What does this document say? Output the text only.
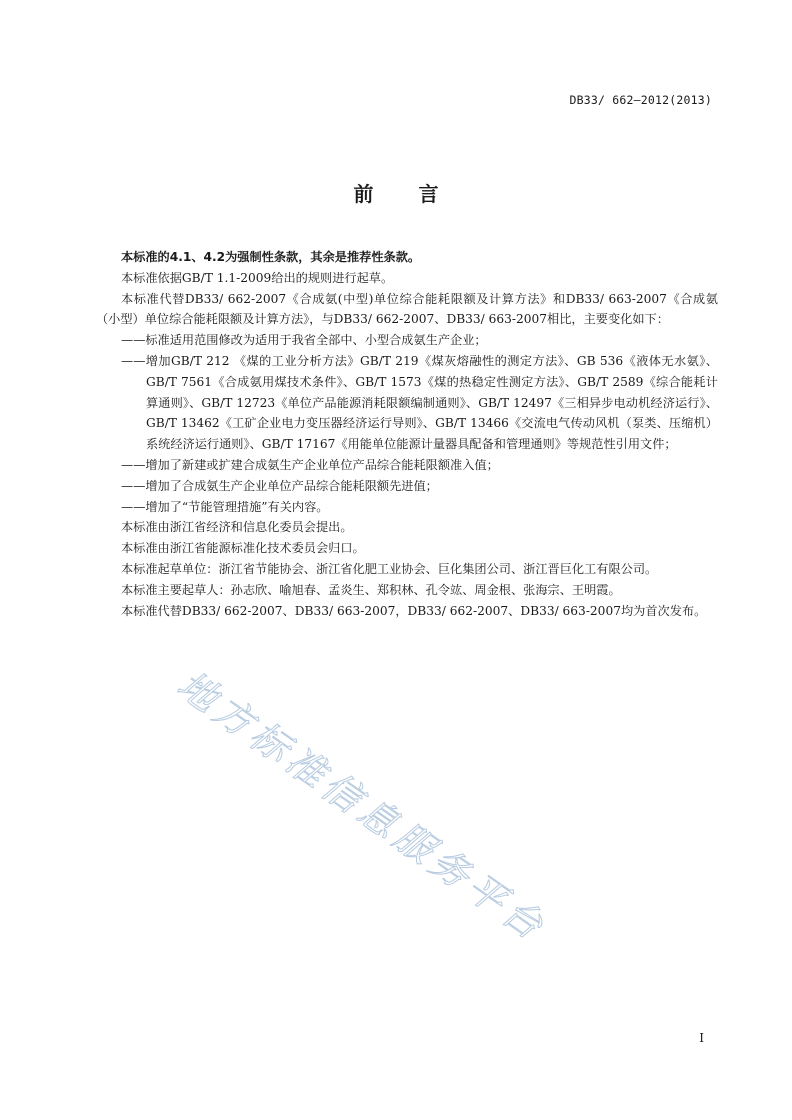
DB33/ 662—2012(2013)
前 言

本标准的4.1、4.2为强制性条款，其余是推荐性条款。

本标准依据GB/T 1.1-2009给出的规则进行起草。

本标准代替DB33/ 662-2007《合成氨(中型)单位综合能耗限额及计算方法》和DB33/ 663-2007《合成氨（小型）单位综合能耗限额及计算方法》，与DB33/ 662-2007、DB33/ 663-2007相比，主要变化如下：

——标准适用范围修改为适用于我省全部中、小型合成氨生产企业；

——增加GB/T 212 《煤的工业分析方法》GB/T 219《煤灰熔融性的测定方法》、GB 536《液体无水氨》、GB/T 7561《合成氨用煤技术条件》、GB/T 1573《煤的热稳定性测定方法》、GB/T 2589《综合能耗计算通则》、GB/T 12723《单位产品能源消耗限额编制通则》、GB/T 12497《三相异步电动机经济运行》、GB/T 13462《工矿企业电力变压器经济运行导则》、GB/T 13466《交流电气传动风机（泵类、压缩机）系统经济运行通则》、GB/T 17167《用能单位能源计量器具配备和管理通则》等规范性引用文件；

——增加了新建或扩建合成氨生产企业单位产品综合能耗限额准入值；

——增加了合成氨生产企业单位产品综合能耗限额先进值；

——增加了“节能管理措施”有关内容。

本标准由浙江省经济和信息化委员会提出。

本标准由浙江省能源标准化技术委员会归口。

本标准起草单位：浙江省节能协会、浙江省化肥工业协会、巨化集团公司、浙江晋巨化工有限公司。

本标准主要起草人：孙志欣、喻旭春、孟炎生、郑积林、孔令竑、周金根、张海宗、王明霞。

本标准代替DB33/ 662-2007、DB33/ 663-2007，DB33/ 662-2007、DB33/ 663-2007均为首次发布。

地方标准信息服务平台
I
